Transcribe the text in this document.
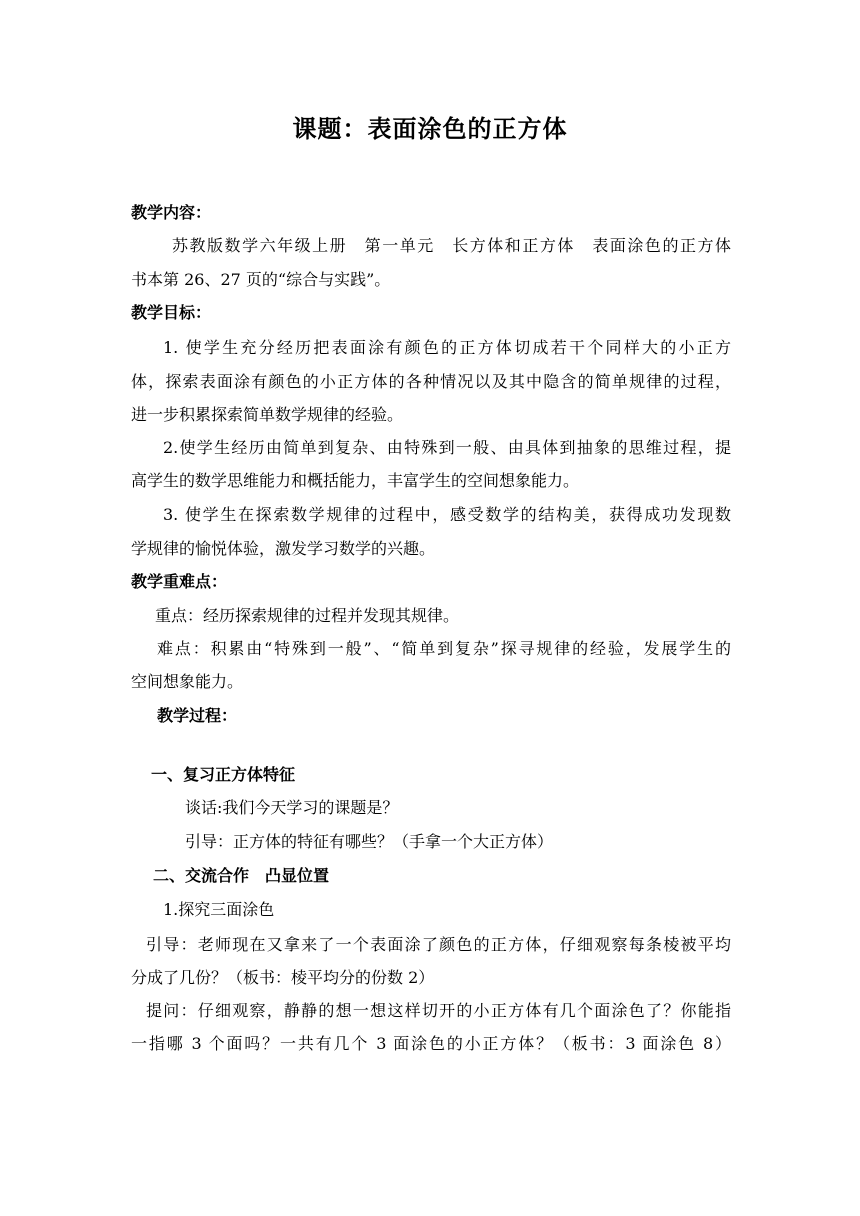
课题：表面涂色的正方体
教学内容：
苏教版数学六年级上册　第一单元　长方体和正方体　表面涂色的正方体
书本第 26、27 页的“综合与实践”。
教学目标：
1. 使学生充分经历把表面涂有颜色的正方体切成若干个同样大的小正方
体，探索表面涂有颜色的小正方体的各种情况以及其中隐含的简单规律的过程，
进一步积累探索简单数学规律的经验。
2.使学生经历由简单到复杂、由特殊到一般、由具体到抽象的思维过程，提
高学生的数学思维能力和概括能力，丰富学生的空间想象能力。
3. 使学生在探索数学规律的过程中，感受数学的结构美，获得成功发现数
学规律的愉悦体验，激发学习数学的兴趣。
教学重难点：
重点：经历探索规律的过程并发现其规律。
难点：积累由“特殊到一般”、“简单到复杂”探寻规律的经验，发展学生的
空间想象能力。
教学过程：
一、复习正方体特征
谈话:我们今天学习的课题是？
引导：正方体的特征有哪些？（手拿一个大正方体）
二、交流合作　凸显位置
1.探究三面涂色
引导：老师现在又拿来了一个表面涂了颜色的正方体，仔细观察每条棱被平均
分成了几份？（板书：棱平均分的份数 2）
提问：仔细观察，静静的想一想这样切开的小正方体有几个面涂色了？你能指
一指哪 3 个面吗？一共有几个 3 面涂色的小正方体？（板书：3 面涂色 8）
